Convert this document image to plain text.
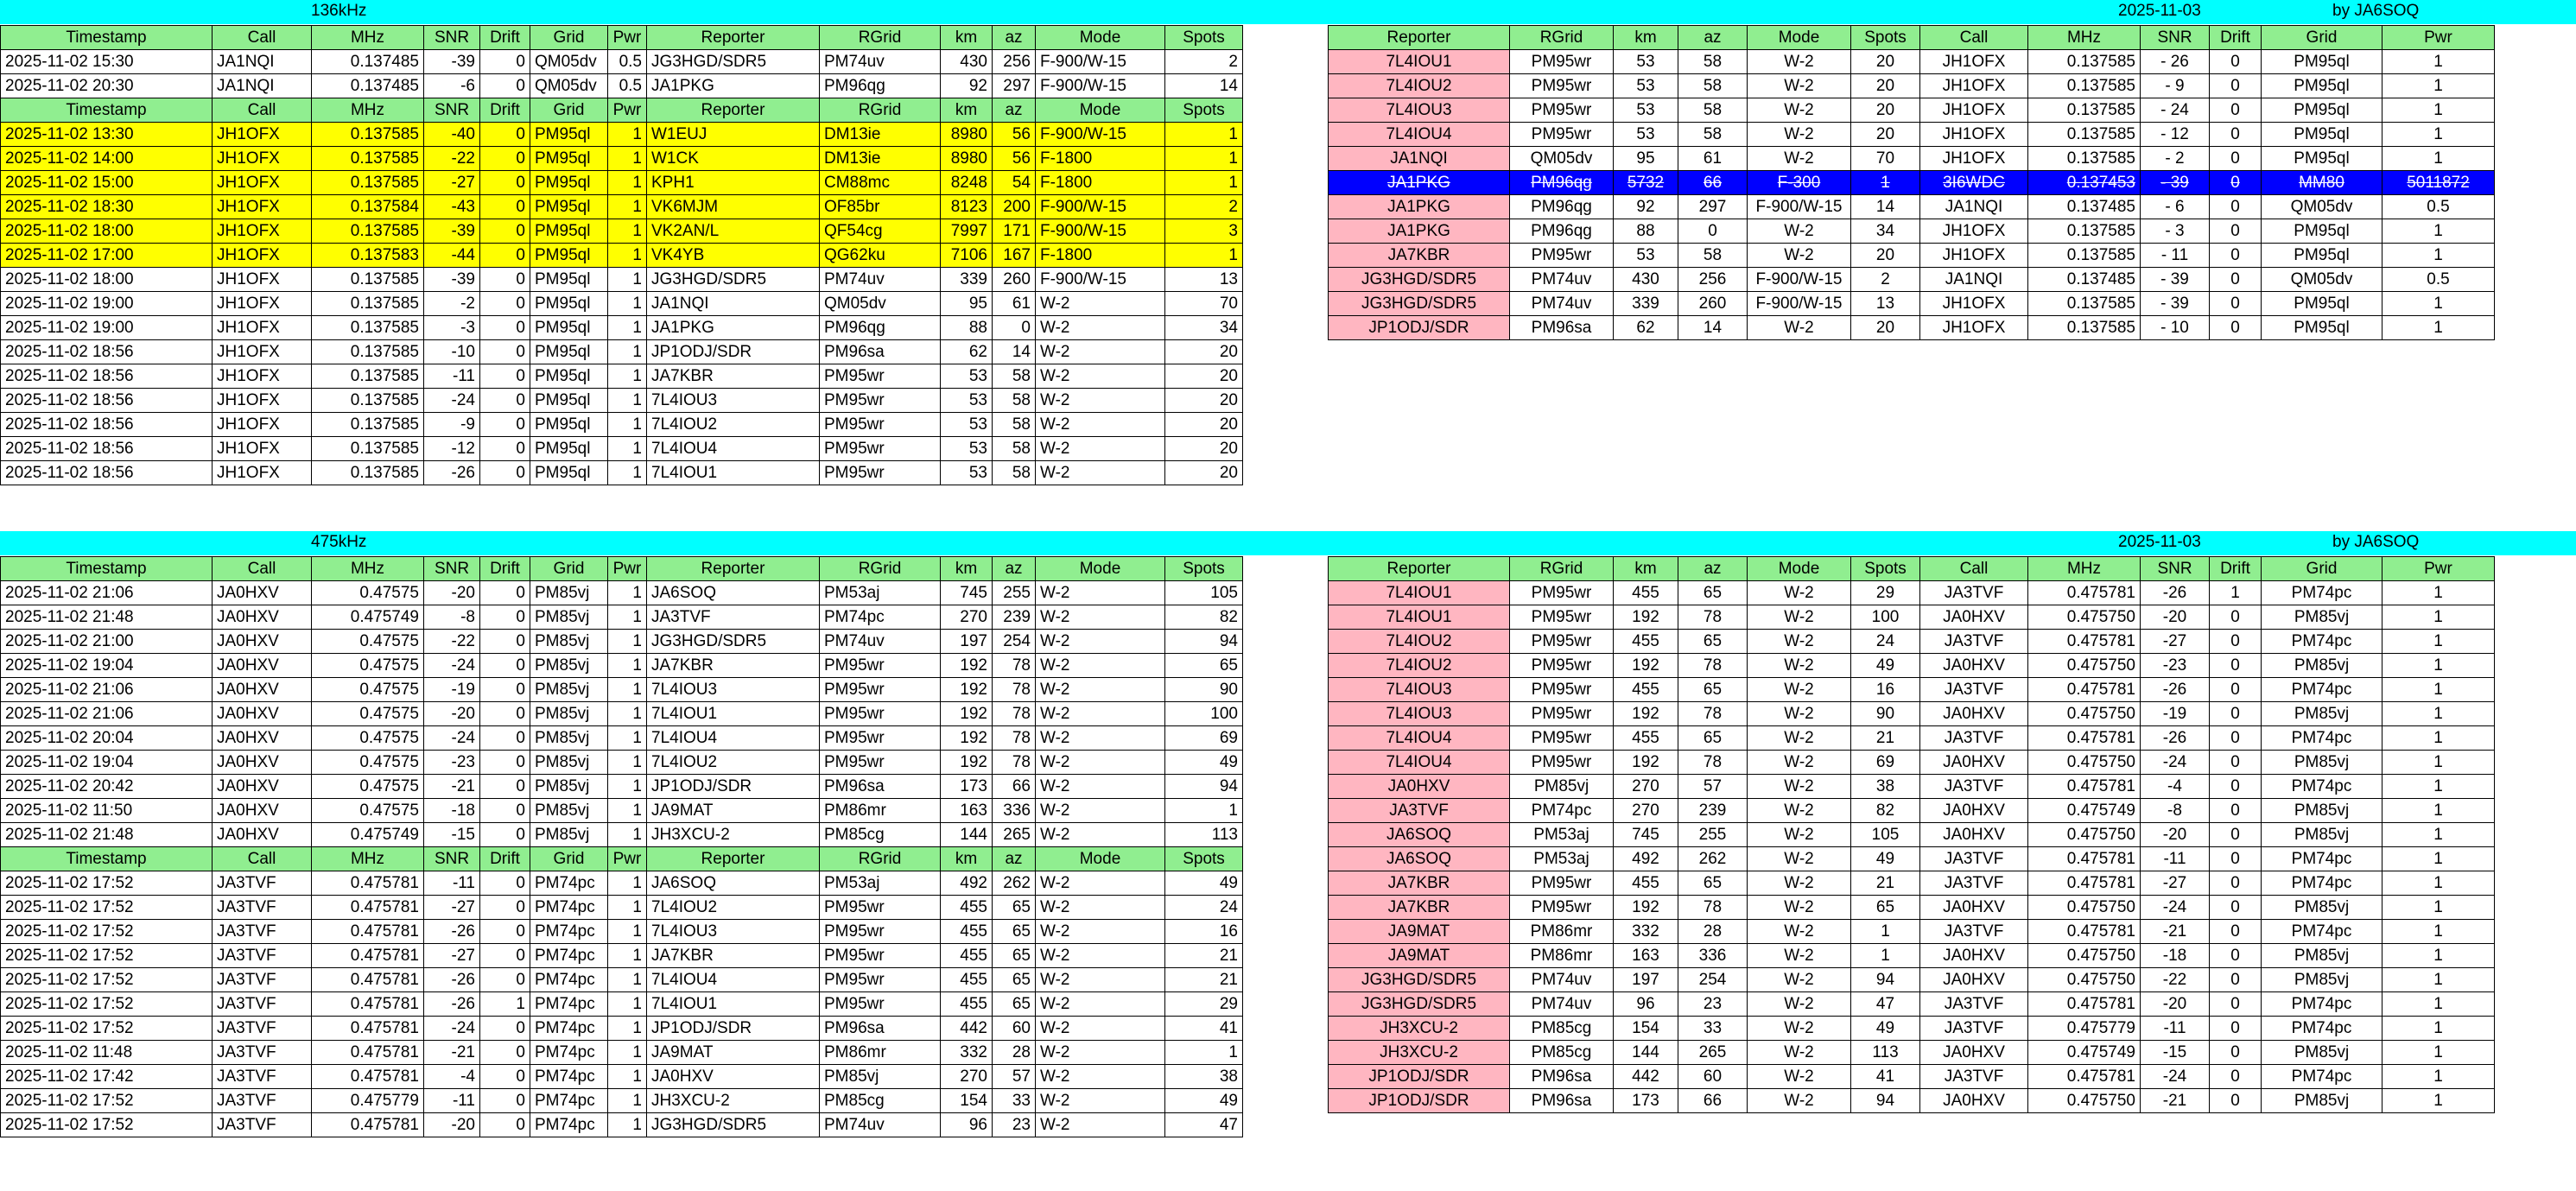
136kHz	2025-11-03	by JA6SOQ
Timestamp	Call	MHz	SNR	Drift	Grid	Pwr	Reporter	RGrid	km	az	Mode	Spots
2025-11-02 15:30	JA1NQI	0.137485	-39	0	QM05dv	0.5	JG3HGD/SDR5	PM74uv	430	256	F-900/W-15	2
2025-11-02 20:30	JA1NQI	0.137485	-6	0	QM05dv	0.5	JA1PKG	PM96qg	92	297	F-900/W-15	14
Timestamp	Call	MHz	SNR	Drift	Grid	Pwr	Reporter	RGrid	km	az	Mode	Spots
2025-11-02 13:30	JH1OFX	0.137585	-40	0	PM95ql	1	W1EUJ	DM13ie	8980	56	F-900/W-15	1
2025-11-02 14:00	JH1OFX	0.137585	-22	0	PM95ql	1	W1CK	DM13ie	8980	56	F-1800	1
2025-11-02 15:00	JH1OFX	0.137585	-27	0	PM95ql	1	KPH1	CM88mc	8248	54	F-1800	1
2025-11-02 18:30	JH1OFX	0.137584	-43	0	PM95ql	1	VK6MJM	OF85br	8123	200	F-900/W-15	2
2025-11-02 18:00	JH1OFX	0.137585	-39	0	PM95ql	1	VK2AN/L	QF54cg	7997	171	F-900/W-15	3
2025-11-02 17:00	JH1OFX	0.137583	-44	0	PM95ql	1	VK4YB	QG62ku	7106	167	F-1800	1
2025-11-02 18:00	JH1OFX	0.137585	-39	0	PM95ql	1	JG3HGD/SDR5	PM74uv	339	260	F-900/W-15	13
2025-11-02 19:00	JH1OFX	0.137585	-2	0	PM95ql	1	JA1NQI	QM05dv	95	61	W-2	70
2025-11-02 19:00	JH1OFX	0.137585	-3	0	PM95ql	1	JA1PKG	PM96qg	88	0	W-2	34
2025-11-02 18:56	JH1OFX	0.137585	-10	0	PM95ql	1	JP1ODJ/SDR	PM96sa	62	14	W-2	20
2025-11-02 18:56	JH1OFX	0.137585	-11	0	PM95ql	1	JA7KBR	PM95wr	53	58	W-2	20
2025-11-02 18:56	JH1OFX	0.137585	-24	0	PM95ql	1	7L4IOU3	PM95wr	53	58	W-2	20
2025-11-02 18:56	JH1OFX	0.137585	-9	0	PM95ql	1	7L4IOU2	PM95wr	53	58	W-2	20
2025-11-02 18:56	JH1OFX	0.137585	-12	0	PM95ql	1	7L4IOU4	PM95wr	53	58	W-2	20
2025-11-02 18:56	JH1OFX	0.137585	-26	0	PM95ql	1	7L4IOU1	PM95wr	53	58	W-2	20
Reporter	RGrid	km	az	Mode	Spots	Call	MHz	SNR	Drift	Grid	Pwr
7L4IOU1	PM95wr	53	58	W-2	20	JH1OFX	0.137585	- 26	0	PM95ql	1
7L4IOU2	PM95wr	53	58	W-2	20	JH1OFX	0.137585	- 9	0	PM95ql	1
7L4IOU3	PM95wr	53	58	W-2	20	JH1OFX	0.137585	- 24	0	PM95ql	1
7L4IOU4	PM95wr	53	58	W-2	20	JH1OFX	0.137585	- 12	0	PM95ql	1
JA1NQI	QM05dv	95	61	W-2	70	JH1OFX	0.137585	- 2	0	PM95ql	1
JA1PKG	PM96qg	5732	66	F-300	1	3I6WDC	0.137453	- 39	0	MM80	5011872
JA1PKG	PM96qg	92	297	F-900/W-15	14	JA1NQI	0.137485	- 6	0	QM05dv	0.5
JA1PKG	PM96qg	88	0	W-2	34	JH1OFX	0.137585	- 3	0	PM95ql	1
JA7KBR	PM95wr	53	58	W-2	20	JH1OFX	0.137585	- 11	0	PM95ql	1
JG3HGD/SDR5	PM74uv	430	256	F-900/W-15	2	JA1NQI	0.137485	- 39	0	QM05dv	0.5
JG3HGD/SDR5	PM74uv	339	260	F-900/W-15	13	JH1OFX	0.137585	- 39	0	PM95ql	1
JP1ODJ/SDR	PM96sa	62	14	W-2	20	JH1OFX	0.137585	- 10	0	PM95ql	1
475kHz	2025-11-03	by JA6SOQ
Timestamp	Call	MHz	SNR	Drift	Grid	Pwr	Reporter	RGrid	km	az	Mode	Spots
2025-11-02 21:06	JA0HXV	0.47575	-20	0	PM85vj	1	JA6SOQ	PM53aj	745	255	W-2	105
2025-11-02 21:48	JA0HXV	0.475749	-8	0	PM85vj	1	JA3TVF	PM74pc	270	239	W-2	82
2025-11-02 21:00	JA0HXV	0.47575	-22	0	PM85vj	1	JG3HGD/SDR5	PM74uv	197	254	W-2	94
2025-11-02 19:04	JA0HXV	0.47575	-24	0	PM85vj	1	JA7KBR	PM95wr	192	78	W-2	65
2025-11-02 21:06	JA0HXV	0.47575	-19	0	PM85vj	1	7L4IOU3	PM95wr	192	78	W-2	90
2025-11-02 21:06	JA0HXV	0.47575	-20	0	PM85vj	1	7L4IOU1	PM95wr	192	78	W-2	100
2025-11-02 20:04	JA0HXV	0.47575	-24	0	PM85vj	1	7L4IOU4	PM95wr	192	78	W-2	69
2025-11-02 19:04	JA0HXV	0.47575	-23	0	PM85vj	1	7L4IOU2	PM95wr	192	78	W-2	49
2025-11-02 20:42	JA0HXV	0.47575	-21	0	PM85vj	1	JP1ODJ/SDR	PM96sa	173	66	W-2	94
2025-11-02 11:50	JA0HXV	0.47575	-18	0	PM85vj	1	JA9MAT	PM86mr	163	336	W-2	1
2025-11-02 21:48	JA0HXV	0.475749	-15	0	PM85vj	1	JH3XCU-2	PM85cg	144	265	W-2	113
Timestamp	Call	MHz	SNR	Drift	Grid	Pwr	Reporter	RGrid	km	az	Mode	Spots
2025-11-02 17:52	JA3TVF	0.475781	-11	0	PM74pc	1	JA6SOQ	PM53aj	492	262	W-2	49
2025-11-02 17:52	JA3TVF	0.475781	-27	0	PM74pc	1	7L4IOU2	PM95wr	455	65	W-2	24
2025-11-02 17:52	JA3TVF	0.475781	-26	0	PM74pc	1	7L4IOU3	PM95wr	455	65	W-2	16
2025-11-02 17:52	JA3TVF	0.475781	-27	0	PM74pc	1	JA7KBR	PM95wr	455	65	W-2	21
2025-11-02 17:52	JA3TVF	0.475781	-26	0	PM74pc	1	7L4IOU4	PM95wr	455	65	W-2	21
2025-11-02 17:52	JA3TVF	0.475781	-26	1	PM74pc	1	7L4IOU1	PM95wr	455	65	W-2	29
2025-11-02 17:52	JA3TVF	0.475781	-24	0	PM74pc	1	JP1ODJ/SDR	PM96sa	442	60	W-2	41
2025-11-02 11:48	JA3TVF	0.475781	-21	0	PM74pc	1	JA9MAT	PM86mr	332	28	W-2	1
2025-11-02 17:42	JA3TVF	0.475781	-4	0	PM74pc	1	JA0HXV	PM85vj	270	57	W-2	38
2025-11-02 17:52	JA3TVF	0.475779	-11	0	PM74pc	1	JH3XCU-2	PM85cg	154	33	W-2	49
2025-11-02 17:52	JA3TVF	0.475781	-20	0	PM74pc	1	JG3HGD/SDR5	PM74uv	96	23	W-2	47
Reporter	RGrid	km	az	Mode	Spots	Call	MHz	SNR	Drift	Grid	Pwr
7L4IOU1	PM95wr	455	65	W-2	29	JA3TVF	0.475781	-26	1	PM74pc	1
7L4IOU1	PM95wr	192	78	W-2	100	JA0HXV	0.475750	-20	0	PM85vj	1
7L4IOU2	PM95wr	455	65	W-2	24	JA3TVF	0.475781	-27	0	PM74pc	1
7L4IOU2	PM95wr	192	78	W-2	49	JA0HXV	0.475750	-23	0	PM85vj	1
7L4IOU3	PM95wr	455	65	W-2	16	JA3TVF	0.475781	-26	0	PM74pc	1
7L4IOU3	PM95wr	192	78	W-2	90	JA0HXV	0.475750	-19	0	PM85vj	1
7L4IOU4	PM95wr	455	65	W-2	21	JA3TVF	0.475781	-26	0	PM74pc	1
7L4IOU4	PM95wr	192	78	W-2	69	JA0HXV	0.475750	-24	0	PM85vj	1
JA0HXV	PM85vj	270	57	W-2	38	JA3TVF	0.475781	-4	0	PM74pc	1
JA3TVF	PM74pc	270	239	W-2	82	JA0HXV	0.475749	-8	0	PM85vj	1
JA6SOQ	PM53aj	745	255	W-2	105	JA0HXV	0.475750	-20	0	PM85vj	1
JA6SOQ	PM53aj	492	262	W-2	49	JA3TVF	0.475781	-11	0	PM74pc	1
JA7KBR	PM95wr	455	65	W-2	21	JA3TVF	0.475781	-27	0	PM74pc	1
JA7KBR	PM95wr	192	78	W-2	65	JA0HXV	0.475750	-24	0	PM85vj	1
JA9MAT	PM86mr	332	28	W-2	1	JA3TVF	0.475781	-21	0	PM74pc	1
JA9MAT	PM86mr	163	336	W-2	1	JA0HXV	0.475750	-18	0	PM85vj	1
JG3HGD/SDR5	PM74uv	197	254	W-2	94	JA0HXV	0.475750	-22	0	PM85vj	1
JG3HGD/SDR5	PM74uv	96	23	W-2	47	JA3TVF	0.475781	-20	0	PM74pc	1
JH3XCU-2	PM85cg	154	33	W-2	49	JA3TVF	0.475779	-11	0	PM74pc	1
JH3XCU-2	PM85cg	144	265	W-2	113	JA0HXV	0.475749	-15	0	PM85vj	1
JP1ODJ/SDR	PM96sa	442	60	W-2	41	JA3TVF	0.475781	-24	0	PM74pc	1
JP1ODJ/SDR	PM96sa	173	66	W-2	94	JA0HXV	0.475750	-21	0	PM85vj	1
